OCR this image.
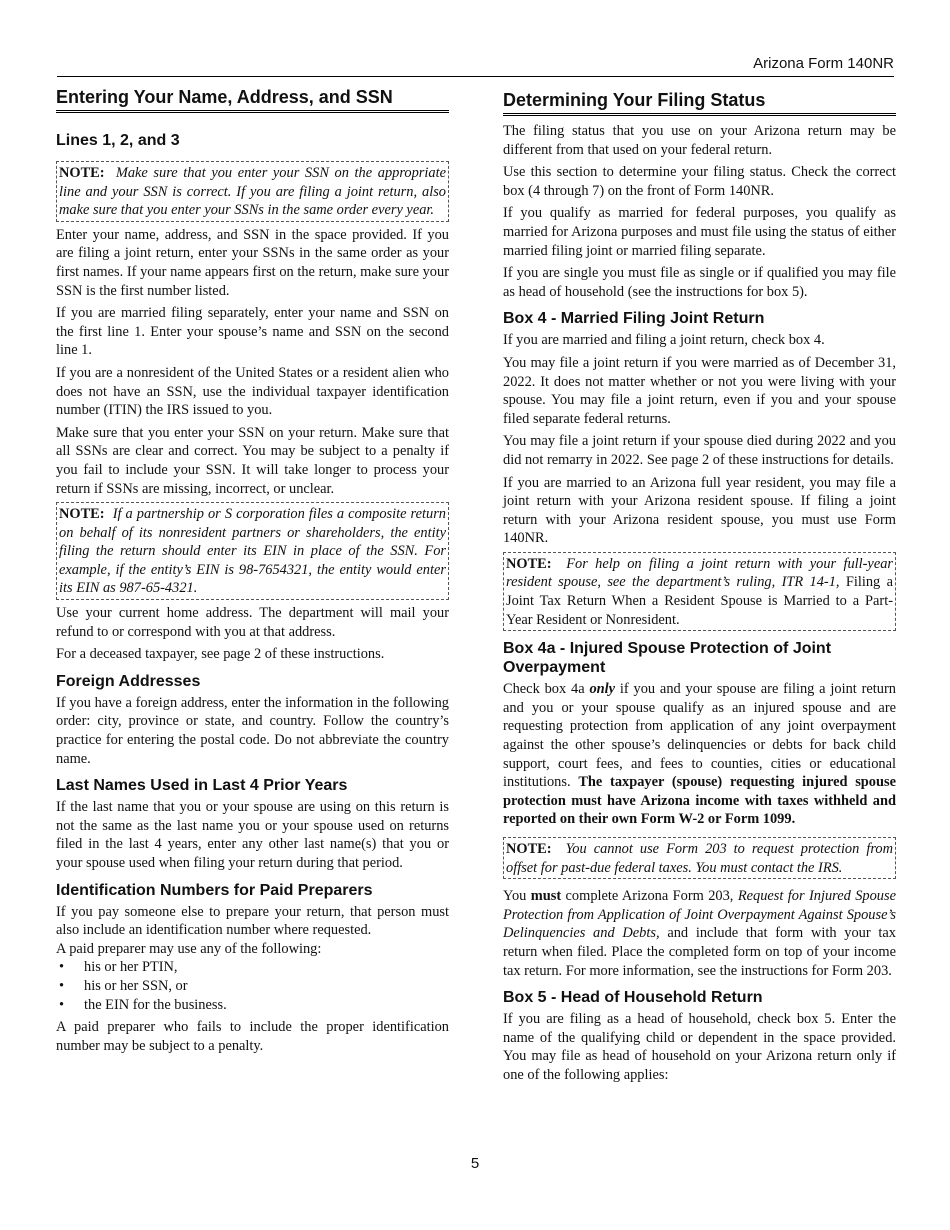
Arizona Form 140NR
Entering Your Name, Address, and SSN
Lines 1, 2, and 3
NOTE: Make sure that you enter your SSN on the appropriate line and your SSN is correct. If you are filing a joint return, also make sure that you enter your SSNs in the same order every year.

Enter your name, address, and SSN in the space provided. If you are filing a joint return, enter your SSNs in the same order as your first names. If your name appears first on the return, make sure your SSN is the first number listed.

If you are married filing separately, enter your name and SSN on the first line 1. Enter your spouse’s name and SSN on the second line 1.

If you are a nonresident of the United States or a resident alien who does not have an SSN, use the individual taxpayer identification number (ITIN) the IRS issued to you.

Make sure that you enter your SSN on your return. Make sure that all SSNs are clear and correct. You may be subject to a penalty if you fail to include your SSN. It will take longer to process your return if SSNs are missing, incorrect, or unclear.

NOTE: If a partnership or S corporation files a composite return on behalf of its nonresident partners or shareholders, the entity filing the return should enter its EIN in place of the SSN. For example, if the entity’s EIN is 98-7654321, the entity would enter its EIN as 987-65-4321.

Use your current home address. The department will mail your refund to or correspond with you at that address.

For a deceased taxpayer, see page 2 of these instructions.

Foreign Addresses

If you have a foreign address, enter the information in the following order: city, province or state, and country. Follow the country’s practice for entering the postal code. Do not abbreviate the country name.

Last Names Used in Last 4 Prior Years

If the last name that you or your spouse are using on this return is not the same as the last name you or your spouse used on returns filed in the last 4 years, enter any other last name(s) that you or your spouse used when filing your return during that period.

Identification Numbers for Paid Preparers

If you pay someone else to prepare your return, that person must also include an identification number where requested.

A paid preparer may use any of the following:

• his or her PTIN,
• his or her SSN, or
• the EIN for the business.

A paid preparer who fails to include the proper identification number may be subject to a penalty.

Determining Your Filing Status

The filing status that you use on your Arizona return may be different from that used on your federal return.

Use this section to determine your filing status. Check the correct box (4 through 7) on the front of Form 140NR.

If you qualify as married for federal purposes, you qualify as married for Arizona purposes and must file using the status of either married filing joint or married filing separate.

If you are single you must file as single or if qualified you may file as head of household (see the instructions for box 5).

Box 4 - Married Filing Joint Return

If you are married and filing a joint return, check box 4.

You may file a joint return if you were married as of December 31, 2022. It does not matter whether or not you were living with your spouse. You may file a joint return, even if you and your spouse filed separate federal returns.

You may file a joint return if your spouse died during 2022 and you did not remarry in 2022. See page 2 of these instructions for details.

If you are married to an Arizona full year resident, you may file a joint return with your Arizona resident spouse. If filing a joint return with your Arizona resident spouse, you must use Form 140NR.

NOTE: For help on filing a joint return with your full-year resident spouse, see the department’s ruling, ITR 14-1, Filing a Joint Tax Return When a Resident Spouse is Married to a Part-Year Resident or Nonresident.
Box 4a - Injured Spouse Protection of Joint Overpayment

Check box 4a only if you and your spouse are filing a joint return and you or your spouse qualify as an injured spouse and are requesting protection from application of any joint overpayment against the other spouse’s delinquencies or debts for back child support, court fees, and fees to counties, cities or educational institutions. The taxpayer (spouse) requesting injured spouse protection must have Arizona income with taxes withheld and reported on their own Form W-2 or Form 1099.

NOTE: You cannot use Form 203 to request protection from offset for past-due federal taxes. You must contact the IRS.

You must complete Arizona Form 203, Request for Injured Spouse Protection from Application of Joint Overpayment Against Spouse’s Delinquencies and Debts, and include that form with your tax return when filed. Place the completed form on top of your income tax return. For more information, see the instructions for Form 203.

Box 5 - Head of Household Return

If you are filing as a head of household, check box 5. Enter the name of the qualifying child or dependent in the space provided. You may file as head of household on your Arizona return only if one of the following applies:

5
